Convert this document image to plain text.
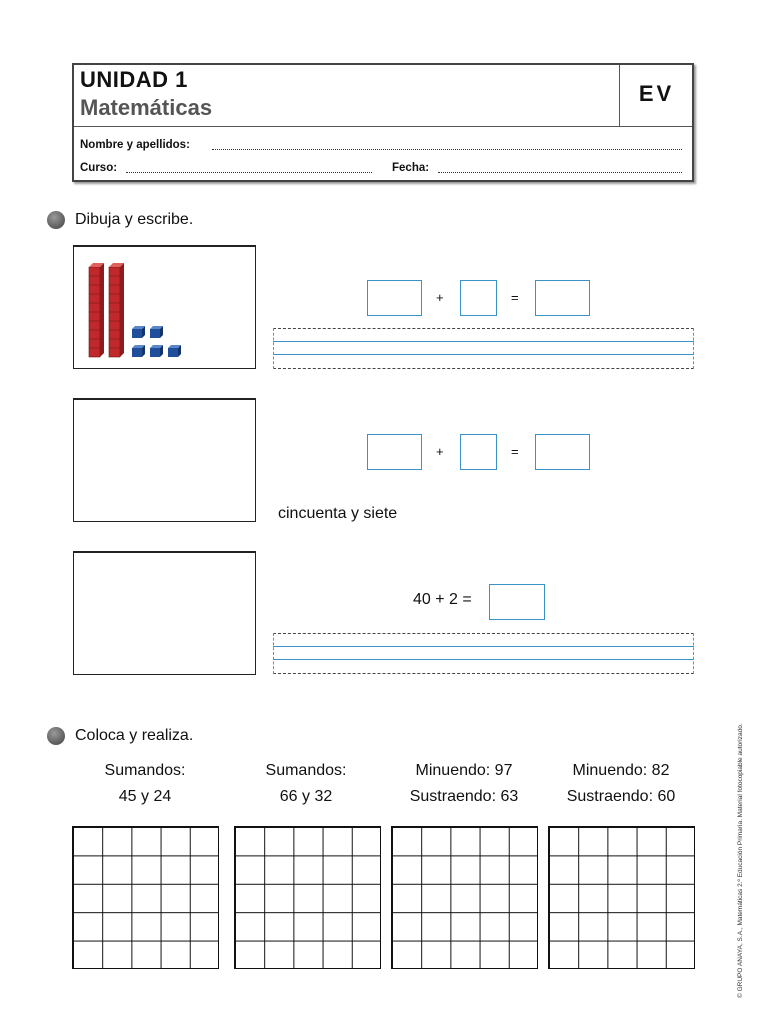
UNIDAD 1
Matemáticas
EV
Nombre y apellidos:
Curso:	Fecha:
Dibuja y escribe.
+	=
+	=
cincuenta y siete
40 + 2 =
Coloca y realiza.
Sumandos:
45 y 24
Sumandos:
66 y 32
Minuendo: 97
Sustraendo: 63
Minuendo: 82
Sustraendo: 60	© GRUPO ANAYA, S.A., Matemáticas 2.º Educación Primaria. Material fotocopiable autorizado.
